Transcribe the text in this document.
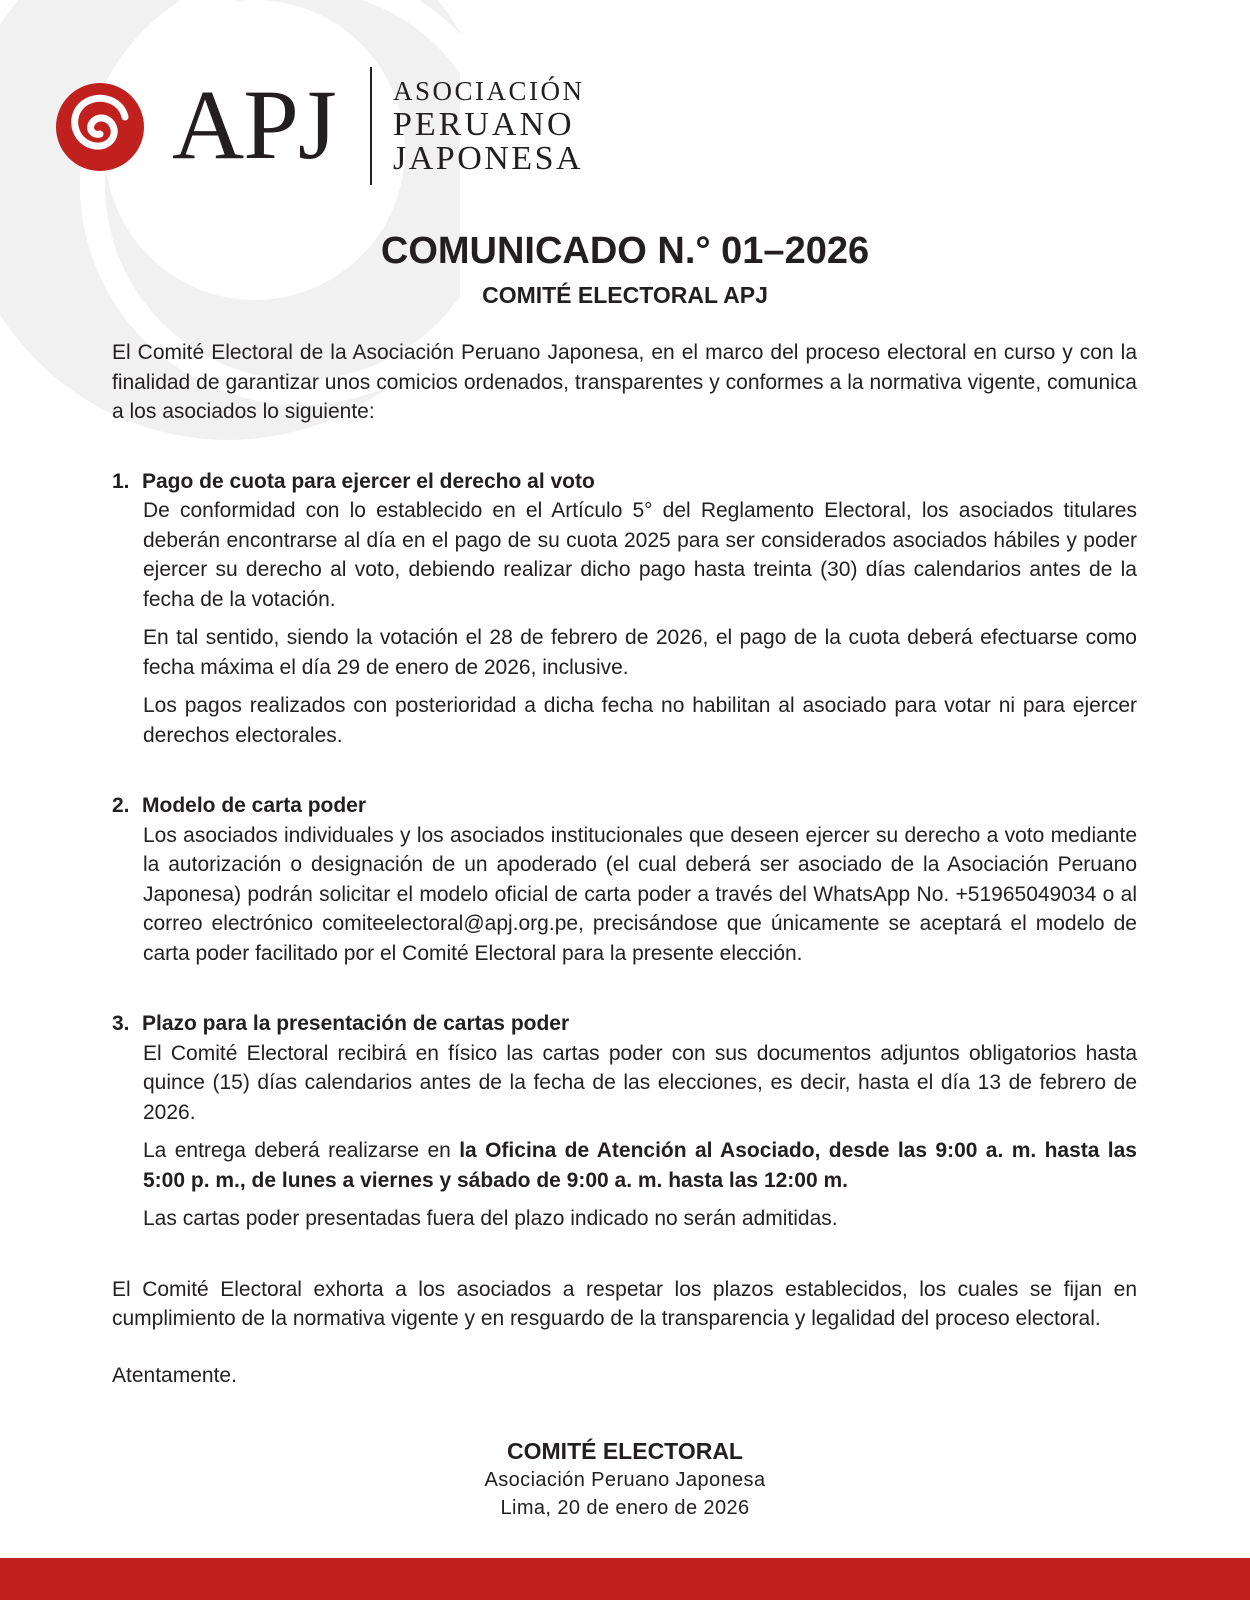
APJ ASOCIACIÓN
PERUANO
JAPONESA
COMUNICADO N.° 01–2026
COMITÉ ELECTORAL APJ

El Comité Electoral de la Asociación Peruano Japonesa, en el marco del proceso electoral en curso y con la finalidad de garantizar unos comicios ordenados, transparentes y conformes a la normativa vigente, comunica a los asociados lo siguiente:

1. Pago de cuota para ejercer el derecho al voto

De conformidad con lo establecido en el Artículo 5° del Reglamento Electoral, los asociados titulares deberán encontrarse al día en el pago de su cuota 2025 para ser considerados asociados hábiles y poder ejercer su derecho al voto, debiendo realizar dicho pago hasta treinta (30) días calendarios antes de la fecha de la votación.

En tal sentido, siendo la votación el 28 de febrero de 2026, el pago de la cuota deberá efectuarse como fecha máxima el día 29 de enero de 2026, inclusive.

Los pagos realizados con posterioridad a dicha fecha no habilitan al asociado para votar ni para ejercer derechos electorales.

2. Modelo de carta poder

Los asociados individuales y los asociados institucionales que deseen ejercer su derecho a voto mediante la autorización o designación de un apoderado (el cual deberá ser asociado de la Asociación Peruano Japonesa) podrán solicitar el modelo oficial de carta poder a través del WhatsApp No. +51965049034 o al correo electrónico comiteelectoral@apj.org.pe, precisándose que únicamente se aceptará el modelo de carta poder facilitado por el Comité Electoral para la presente elección.

3. Plazo para la presentación de cartas poder

El Comité Electoral recibirá en físico las cartas poder con sus documentos adjuntos obligatorios hasta quince (15) días calendarios antes de la fecha de las elecciones, es decir, hasta el día 13 de febrero de 2026.

La entrega deberá realizarse en la Oficina de Atención al Asociado, desde las 9:00 a. m. hasta las 5:00 p. m., de lunes a viernes y sábado de 9:00 a. m. hasta las 12:00 m.

Las cartas poder presentadas fuera del plazo indicado no serán admitidas.

El Comité Electoral exhorta a los asociados a respetar los plazos establecidos, los cuales se fijan en cumplimiento de la normativa vigente y en resguardo de la transparencia y legalidad del proceso electoral.

Atentamente.

COMITÉ ELECTORAL
Asociación Peruano Japonesa
Lima, 20 de enero de 2026
